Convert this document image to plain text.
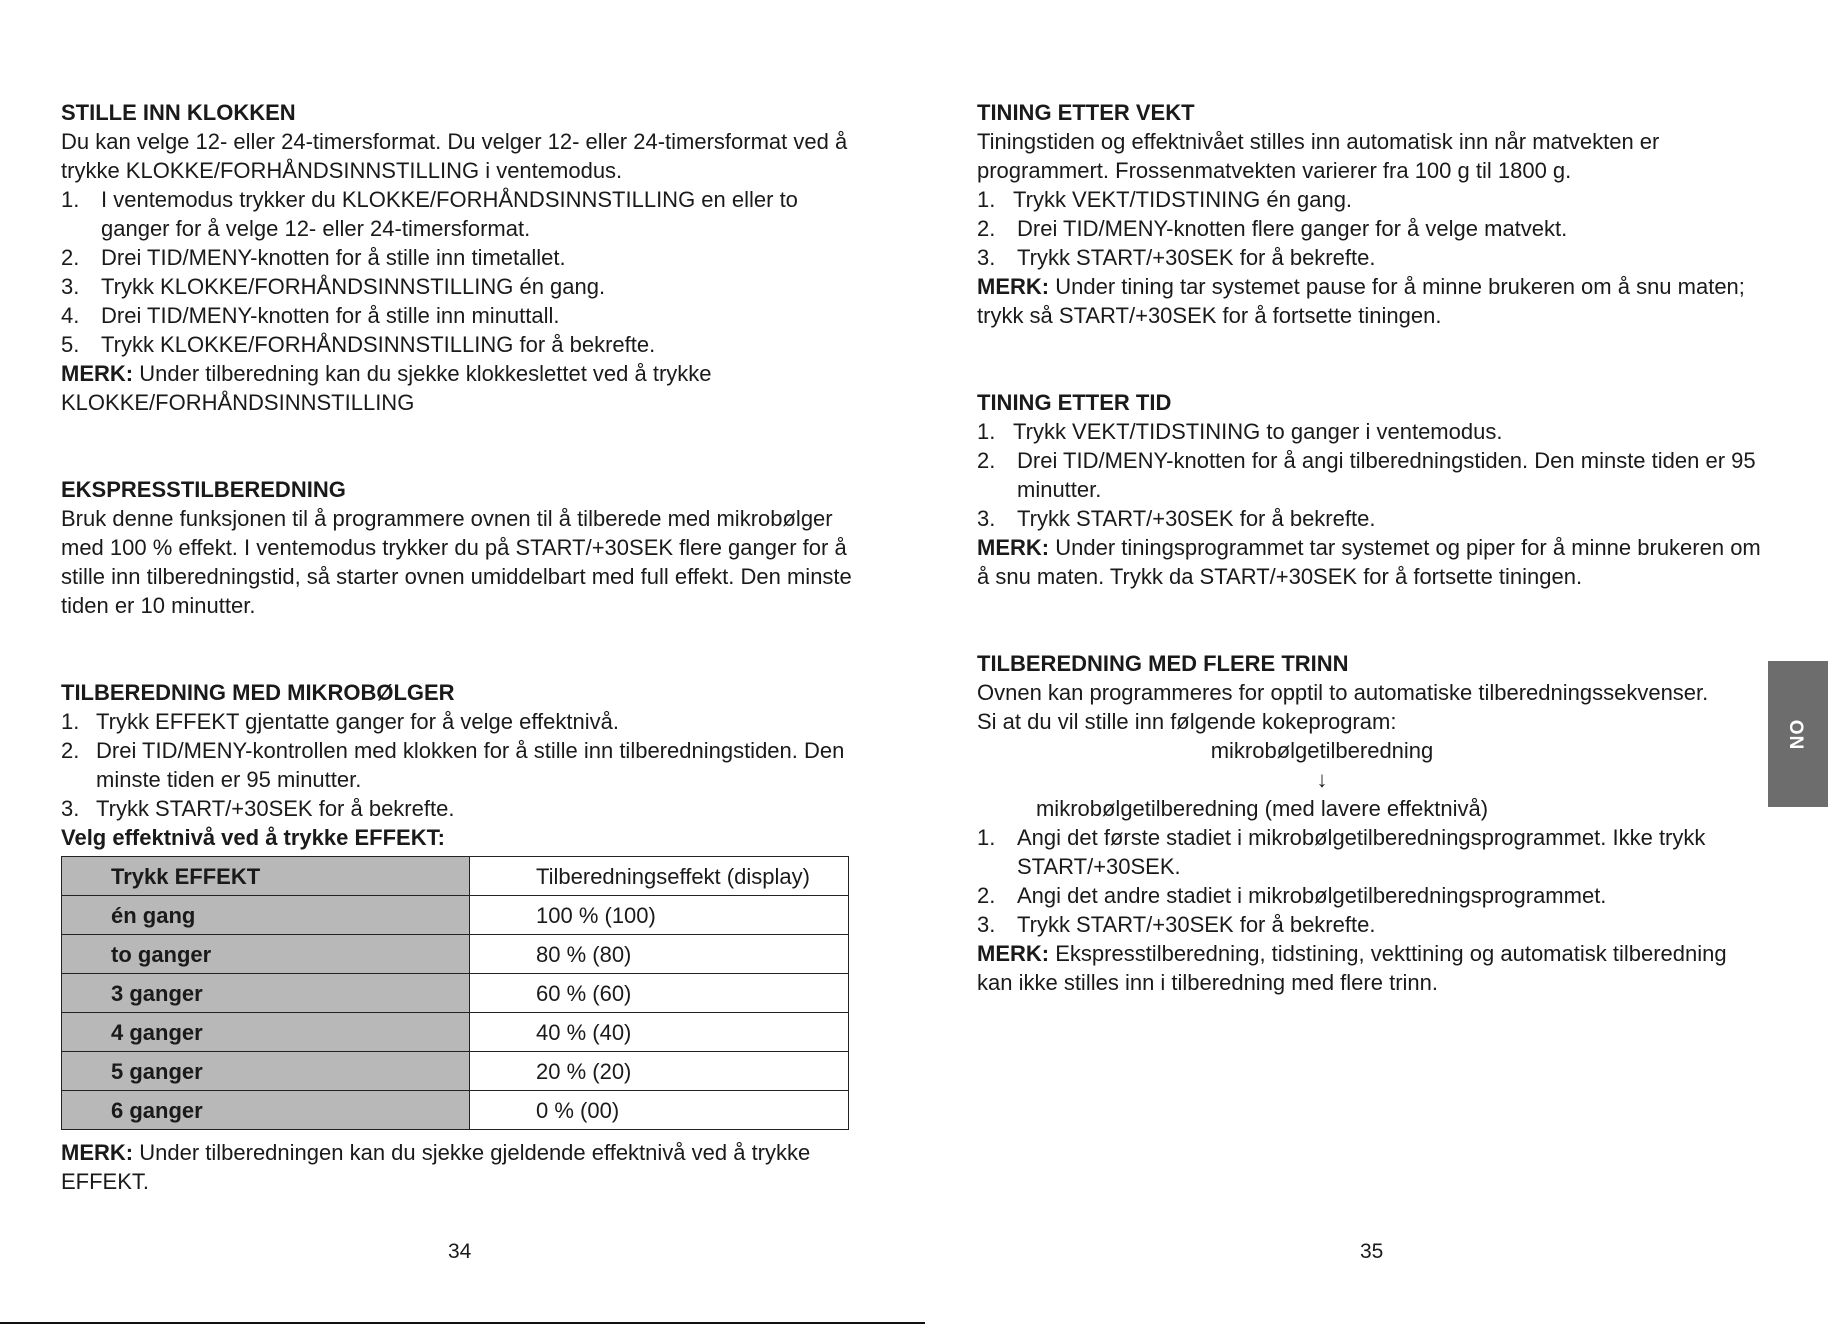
STILLE INN KLOKKEN

Du kan velge 12- eller 24-timersformat. Du velger 12- eller 24-timersformat ved å trykke KLOKKE/FORHÅNDSINNSTILLING i ventemodus.

1. I ventemodus trykker du KLOKKE/FORHÅNDSINNSTILLING en eller to ganger for å velge 12- eller 24-timersformat.
2. Drei TID/MENY-knotten for å stille inn timetallet.
3. Trykk KLOKKE/FORHÅNDSINNSTILLING én gang.
4. Drei TID/MENY-knotten for å stille inn minuttall.
5. Trykk KLOKKE/FORHÅNDSINNSTILLING for å bekrefte.

MERK: Under tilberedning kan du sjekke klokkeslettet ved å trykke KLOKKE/FORHÅNDSINNSTILLING

EKSPRESSTILBEREDNING

Bruk denne funksjonen til å programmere ovnen til å tilberede med mikrobølger med 100 % effekt. I ventemodus trykker du på START/+30SEK flere ganger for å stille inn tilberedningstid, så starter ovnen umiddelbart med full effekt. Den minste tiden er 10 minutter.

TILBEREDNING MED MIKROBØLGER

1. Trykk EFFEKT gjentatte ganger for å velge effektnivå.
2. Drei TID/MENY-kontrollen med klokken for å stille inn tilberedningstiden. Den minste tiden er 95 minutter.
3. Trykk START/+30SEK for å bekrefte.

Velg effektnivå ved å trykke EFFEKT:

Trykk EFFEKT	Tilberedningseffekt (display)
én gang	100 % (100)
to ganger	80 % (80)
3 ganger	60 % (60)
4 ganger	40 % (40)
5 ganger	20 % (20)
6 ganger	0 % (00)

MERK: Under tilberedningen kan du sjekke gjeldende effektnivå ved å trykke EFFEKT.

TINING ETTER VEKT

Tiningstiden og effektnivået stilles inn automatisk inn når matvekten er programmert. Frossenmatvekten varierer fra 100 g til 1800 g.

1. Trykk VEKT/TIDSTINING én gang.
2. Drei TID/MENY-knotten flere ganger for å velge matvekt.
3. Trykk START/+30SEK for å bekrefte.

MERK: Under tining tar systemet pause for å minne brukeren om å snu maten; trykk så START/+30SEK for å fortsette tiningen.

TINING ETTER TID

1. Trykk VEKT/TIDSTINING to ganger i ventemodus.
2. Drei TID/MENY-knotten for å angi tilberedningstiden. Den minste tiden er 95 minutter.
3. Trykk START/+30SEK for å bekrefte.

MERK: Under tiningsprogrammet tar systemet og piper for å minne brukeren om å snu maten. Trykk da START/+30SEK for å fortsette tiningen.

TILBEREDNING MED FLERE TRINN

Ovnen kan programmeres for opptil to automatiske tilberedningssekvenser.

Si at du vil stille inn følgende kokeprogram:

mikrobølgetilberedning

↓

mikrobølgetilberedning (med lavere effektnivå)

1. Angi det første stadiet i mikrobølgetilberedningsprogrammet. Ikke trykk START/+30SEK.
2. Angi det andre stadiet i mikrobølgetilberedningsprogrammet.
3. Trykk START/+30SEK for å bekrefte.

MERK: Ekspresstilberedning, tidstining, vekttining og automatisk tilberedning kan ikke stilles inn i tilberedning med flere trinn.

34	35
NO
